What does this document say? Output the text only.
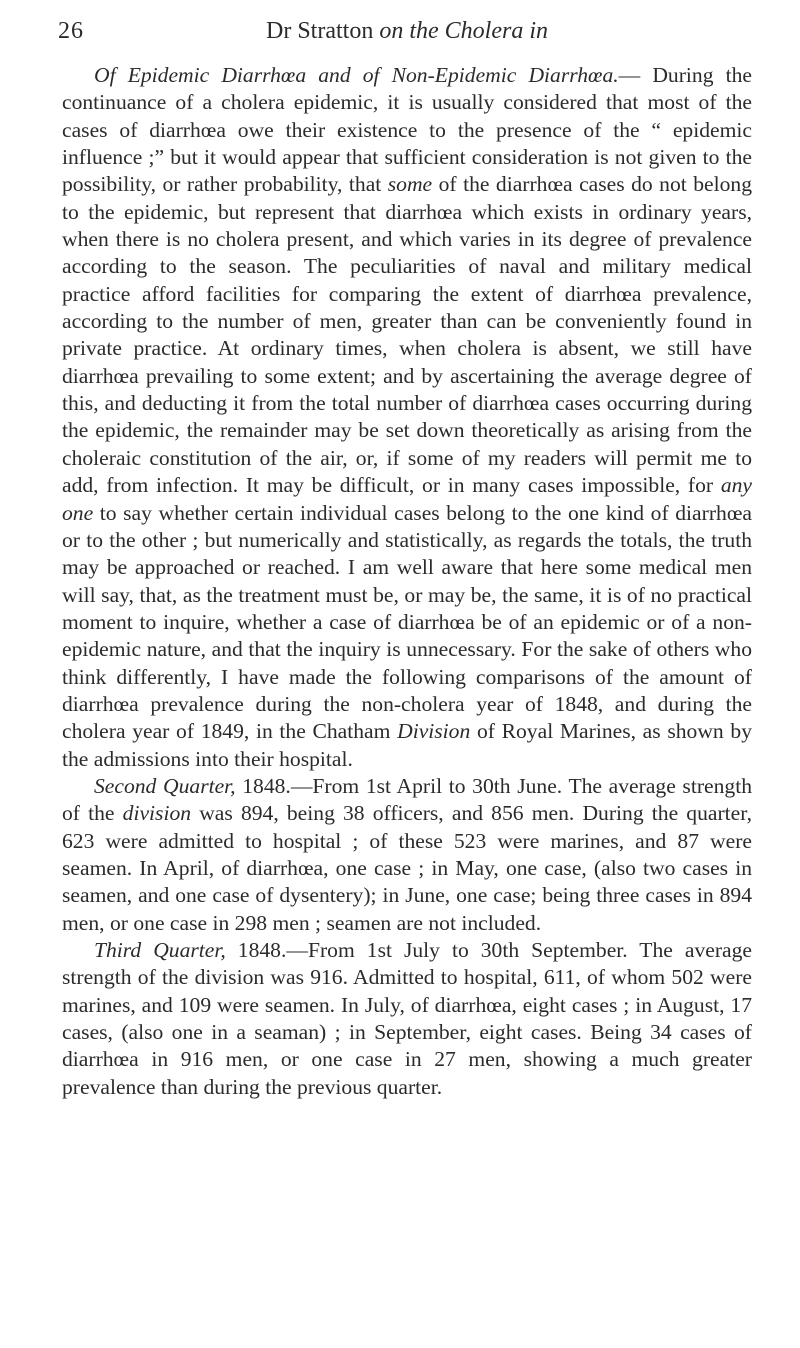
26	Dr Stratton on the Cholera in

Of Epidemic Diarrhœa and of Non-Epidemic Diarrhœa.— During the continuance of a cholera epidemic, it is usually considered that most of the cases of diarrhœa owe their existence to the presence of the “ epidemic influence ;” but it would appear that sufficient consideration is not given to the possibility, or rather probability, that some of the diarrhœa cases do not belong to the epidemic, but represent that diarrhœa which exists in ordinary years, when there is no cholera present, and which varies in its degree of prevalence according to the season. The peculiarities of naval and military medical practice afford facilities for comparing the extent of diarrhœa prevalence, according to the number of men, greater than can be conveniently found in private practice. At ordinary times, when cholera is absent, we still have diarrhœa prevailing to some extent; and by ascertaining the average degree of this, and deducting it from the total number of diarrhœa cases occurring during the epidemic, the remainder may be set down theoretically as arising from the choleraic constitution of the air, or, if some of my readers will permit me to add, from infection. It may be difficult, or in many cases impossible, for any one to say whether certain individual cases belong to the one kind of diarrhœa or to the other ; but numerically and statistically, as regards the totals, the truth may be approached or reached. I am well aware that here some medical men will say, that, as the treatment must be, or may be, the same, it is of no practical moment to inquire, whether a case of diarrhœa be of an epidemic or of a non-epidemic nature, and that the inquiry is unnecessary. For the sake of others who think differently, I have made the following comparisons of the amount of diarrhœa prevalence during the non-cholera year of 1848, and during the cholera year of 1849, in the Chatham Division of Royal Marines, as shown by the admissions into their hospital.

Second Quarter, 1848.—From 1st April to 30th June. The average strength of the division was 894, being 38 officers, and 856 men. During the quarter, 623 were admitted to hospital ; of these 523 were marines, and 87 were seamen. In April, of diarrhœa, one case ; in May, one case, (also two cases in seamen, and one case of dysentery); in June, one case; being three cases in 894 men, or one case in 298 men ; seamen are not included.

Third Quarter, 1848.—From 1st July to 30th September. The average strength of the division was 916. Admitted to hospital, 611, of whom 502 were marines, and 109 were seamen. In July, of diarrhœa, eight cases ; in August, 17 cases, (also one in a seaman) ; in September, eight cases. Being 34 cases of diarrhœa in 916 men, or one case in 27 men, showing a much greater prevalence than during the previous quarter.
